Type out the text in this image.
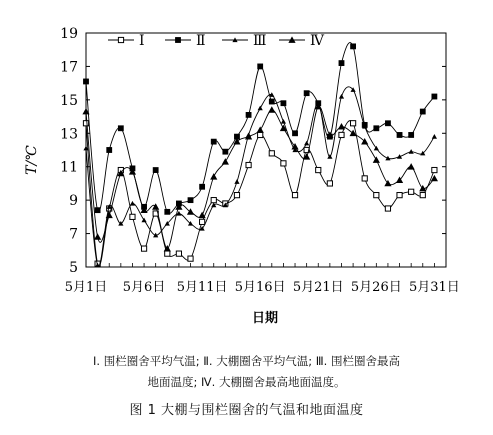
5
7
9
11
13
15
17
19
5月1日 5月6日 5月11日 5月16日 5月21日 5月26日 5月31日
Ⅰ	Ⅱ	Ⅲ	Ⅳ
T/℃
日期
Ⅰ. 围栏圈舍平均气温; Ⅱ. 大棚圈舍平均气温; Ⅲ. 围栏圈舍最高
地面温度; Ⅳ. 大棚圈舍最高地面温度。
图 1 大棚与围栏圈舍的气温和地面温度
